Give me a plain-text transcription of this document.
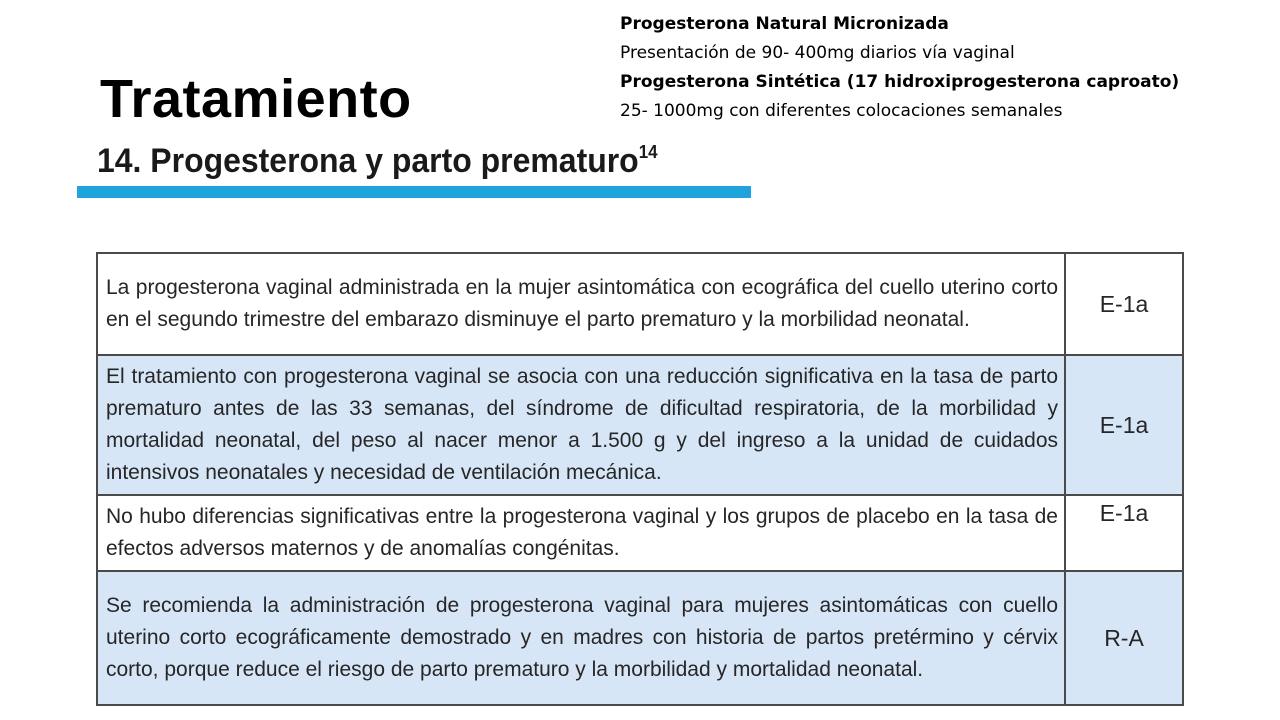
Tratamiento
Progesterona Natural Micronizada
Presentación de 90- 400mg diarios vía vaginal
Progesterona Sintética (17 hidroxiprogesterona caproato)
25- 1000mg con diferentes colocaciones semanales
14. Progesterona y parto prematuro$^{14}$
La progesterona vaginal administrada en la mujer asintomática con ecográfica del cuello uterino corto en el segundo trimestre del embarazo disminuye el parto prematuro y la morbilidad neonatal.	E-1a
El tratamiento con progesterona vaginal se asocia con una reducción significativa en la tasa de parto prematuro antes de las 33 semanas, del síndrome de dificultad respiratoria, de la morbilidad y mortalidad neonatal, del peso al nacer menor a 1.500 g y del ingreso a la unidad de cuidados intensivos neonatales y necesidad de ventilación mecánica.	E-1a
No hubo diferencias significativas entre la progesterona vaginal y los grupos de placebo en la tasa de efectos adversos maternos y de anomalías congénitas.	E-1a
Se recomienda la administración de progesterona vaginal para mujeres asintomáticas con cuello uterino corto ecográficamente demostrado y en madres con historia de partos pretérmino y cérvix corto, porque reduce el riesgo de parto prematuro y la morbilidad y mortalidad neonatal.	R-A
